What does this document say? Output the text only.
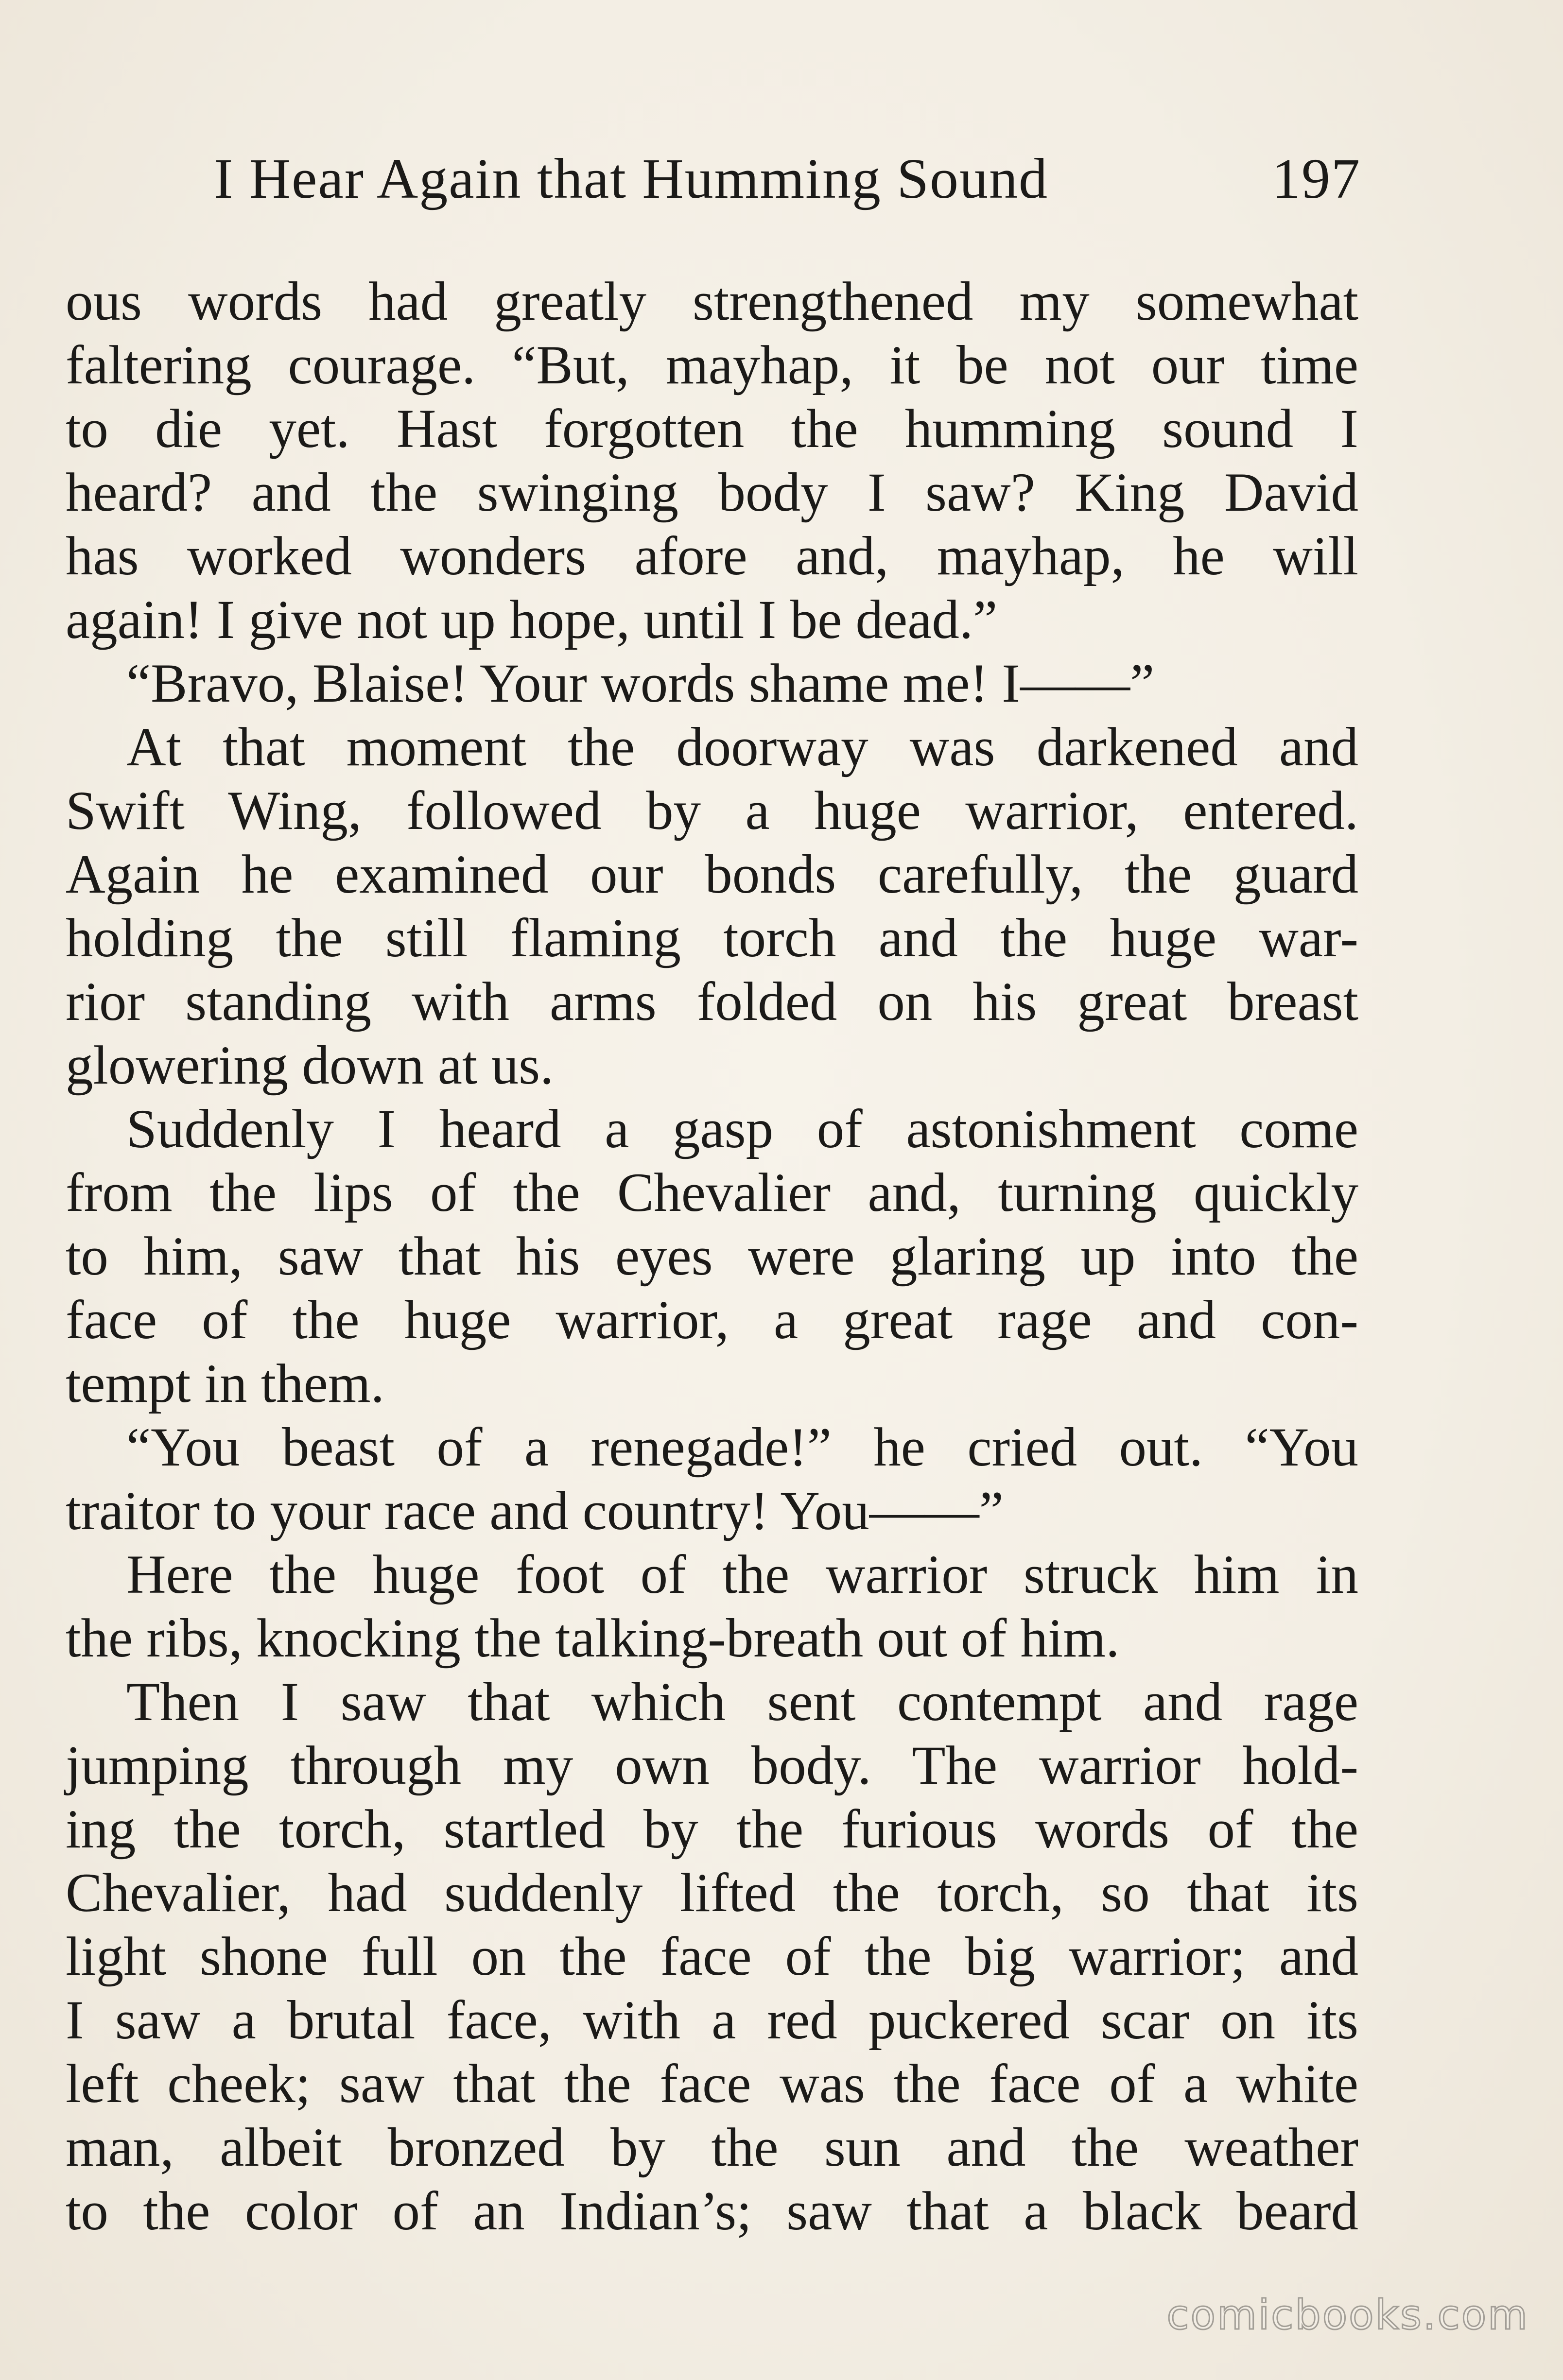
I Hear Again that Humming Sound	197
ous words had greatly strengthened my somewhat
faltering courage. “But, mayhap, it be not our time
to die yet. Hast forgotten the humming sound I
heard? and the swinging body I saw? King David
has worked wonders afore and, mayhap, he will
again! I give not up hope, until I be dead.”
“Bravo, Blaise! Your words shame me! I——”
At that moment the doorway was darkened and
Swift Wing, followed by a huge warrior, entered.
Again he examined our bonds carefully, the guard
holding the still flaming torch and the huge war-
rior standing with arms folded on his great breast
glowering down at us.
Suddenly I heard a gasp of astonishment come
from the lips of the Chevalier and, turning quickly
to him, saw that his eyes were glaring up into the
face of the huge warrior, a great rage and con-
tempt in them.
“You beast of a renegade!” he cried out. “You
traitor to your race and country! You——”
Here the huge foot of the warrior struck him in
the ribs, knocking the talking-breath out of him.
Then I saw that which sent contempt and rage
jumping through my own body. The warrior hold-
ing the torch, startled by the furious words of the
Chevalier, had suddenly lifted the torch, so that its
light shone full on the face of the big warrior; and
I saw a brutal face, with a red puckered scar on its
left cheek; saw that the face was the face of a white
man, albeit bronzed by the sun and the weather
to the color of an Indian’s; saw that a black beard
comicbooks.com
